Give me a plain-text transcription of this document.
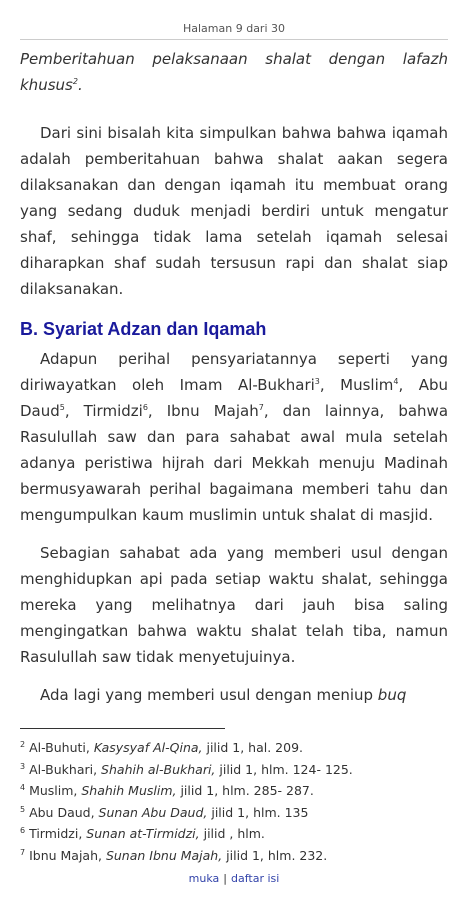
Halaman 9 dari 30

Pemberitahuan pelaksanaan shalat dengan lafazh khusus$^2$.

Dari sini bisalah kita simpulkan bahwa bahwa iqamah adalah pemberitahuan bahwa shalat aakan segera dilaksanakan dan dengan iqamah itu membuat orang yang sedang duduk menjadi berdiri untuk mengatur shaf, sehingga tidak lama setelah iqamah selesai diharapkan shaf sudah tersusun rapi dan shalat siap dilaksanakan.

B. Syariat Adzan dan Iqamah

Adapun perihal pensyariatannya seperti yang diriwayatkan oleh Imam Al-Bukhari$^3$, Muslim$^4$, Abu Daud$^5$, Tirmidzi$^6$, Ibnu Majah$^7$, dan lainnya, bahwa Rasulullah saw dan para sahabat awal mula setelah adanya peristiwa hijrah dari Mekkah menuju Madinah bermusyawarah perihal bagaimana memberi tahu dan mengumpulkan kaum muslimin untuk shalat di masjid.

Sebagian sahabat ada yang memberi usul dengan menghidupkan api pada setiap waktu shalat, sehingga mereka yang melihatnya dari jauh bisa saling mengingatkan bahwa waktu shalat telah tiba, namun Rasulullah saw tidak menyetujuinya.

Ada lagi yang memberi usul dengan meniup buq

$^2$ Al-Buhuti, Kasysyaf Al-Qina, jilid 1, hal. 209.
$^3$ Al-Bukhari, Shahih al-Bukhari, jilid 1, hlm. 124- 125.
$^4$ Muslim, Shahih Muslim, jilid 1, hlm. 285- 287.
$^5$ Abu Daud, Sunan Abu Daud, jilid 1, hlm. 135
$^6$ Tirmidzi, Sunan at-Tirmidzi, jilid , hlm.
$^7$ Ibnu Majah, Sunan Ibnu Majah, jilid 1, hlm. 232.
muka | daftar isi
